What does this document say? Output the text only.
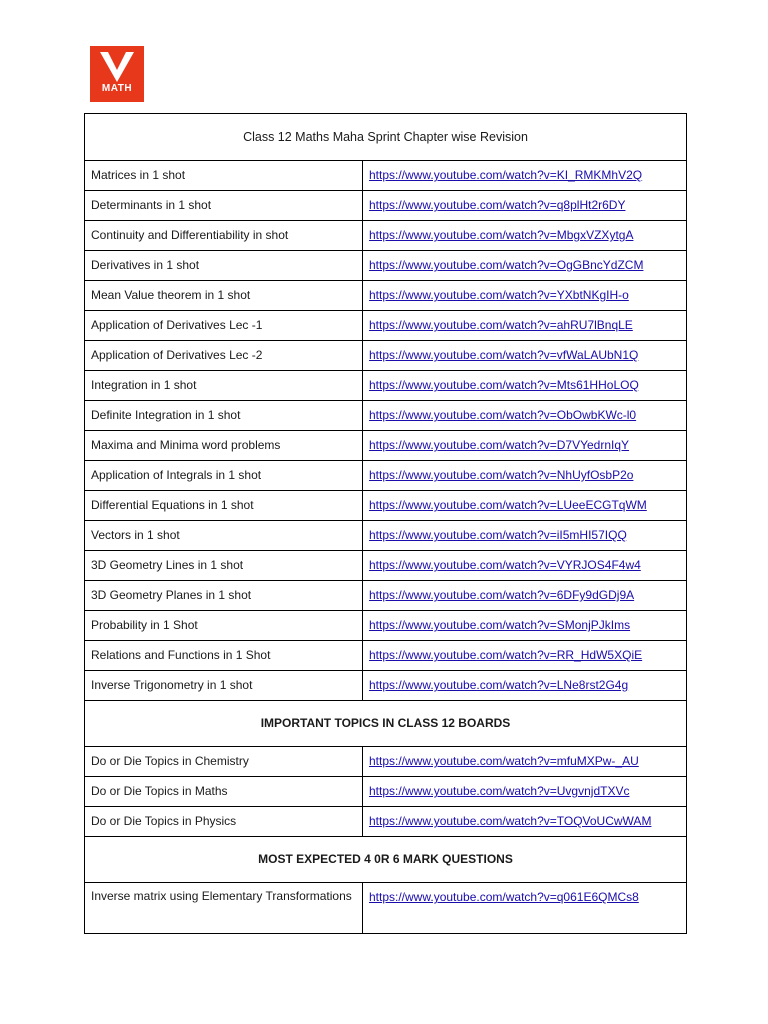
MATH
Class 12 Maths Maha Sprint Chapter wise Revision	
Matrices in 1 shot	https://www.youtube.com/watch?v=KI_RMKMhV2Q
Determinants in 1 shot	https://www.youtube.com/watch?v=q8plHt2r6DY
Continuity and Differentiability in shot	https://www.youtube.com/watch?v=MbgxVZXytgA
Derivatives in 1 shot	https://www.youtube.com/watch?v=OgGBncYdZCM
Mean Value theorem in 1 shot	https://www.youtube.com/watch?v=YXbtNKgIH-o
Application of Derivatives Lec -1	https://www.youtube.com/watch?v=ahRU7lBnqLE
Application of Derivatives Lec -2	https://www.youtube.com/watch?v=vfWaLAUbN1Q
Integration in 1 shot	https://www.youtube.com/watch?v=Mts61HHoLOQ
Definite Integration in 1 shot	https://www.youtube.com/watch?v=ObOwbKWc-l0
Maxima and Minima word problems	https://www.youtube.com/watch?v=D7VYedrnIqY
Application of Integrals in 1 shot	https://www.youtube.com/watch?v=NhUyfOsbP2o
Differential Equations in 1 shot	https://www.youtube.com/watch?v=LUeeECGTqWM
Vectors in 1 shot	https://www.youtube.com/watch?v=iI5mHI57IQQ
3D Geometry Lines in 1 shot	https://www.youtube.com/watch?v=VYRJOS4F4w4
3D Geometry Planes in 1 shot	https://www.youtube.com/watch?v=6DFy9dGDj9A
Probability in 1 Shot	https://www.youtube.com/watch?v=SMonjPJkIms
Relations and Functions in 1 Shot	https://www.youtube.com/watch?v=RR_HdW5XQiE
Inverse Trigonometry in 1 shot	https://www.youtube.com/watch?v=LNe8rst2G4g
IMPORTANT TOPICS IN CLASS 12 BOARDS	
Do or Die Topics in Chemistry	https://www.youtube.com/watch?v=mfuMXPw-_AU
Do or Die Topics in Maths	https://www.youtube.com/watch?v=UvgvnjdTXVc
Do or Die Topics in Physics	https://www.youtube.com/watch?v=TOQVoUCwWAM
MOST EXPECTED 4 0R 6 MARK QUESTIONS	
Inverse matrix using Elementary Transformations	https://www.youtube.com/watch?v=q061E6QMCs8
